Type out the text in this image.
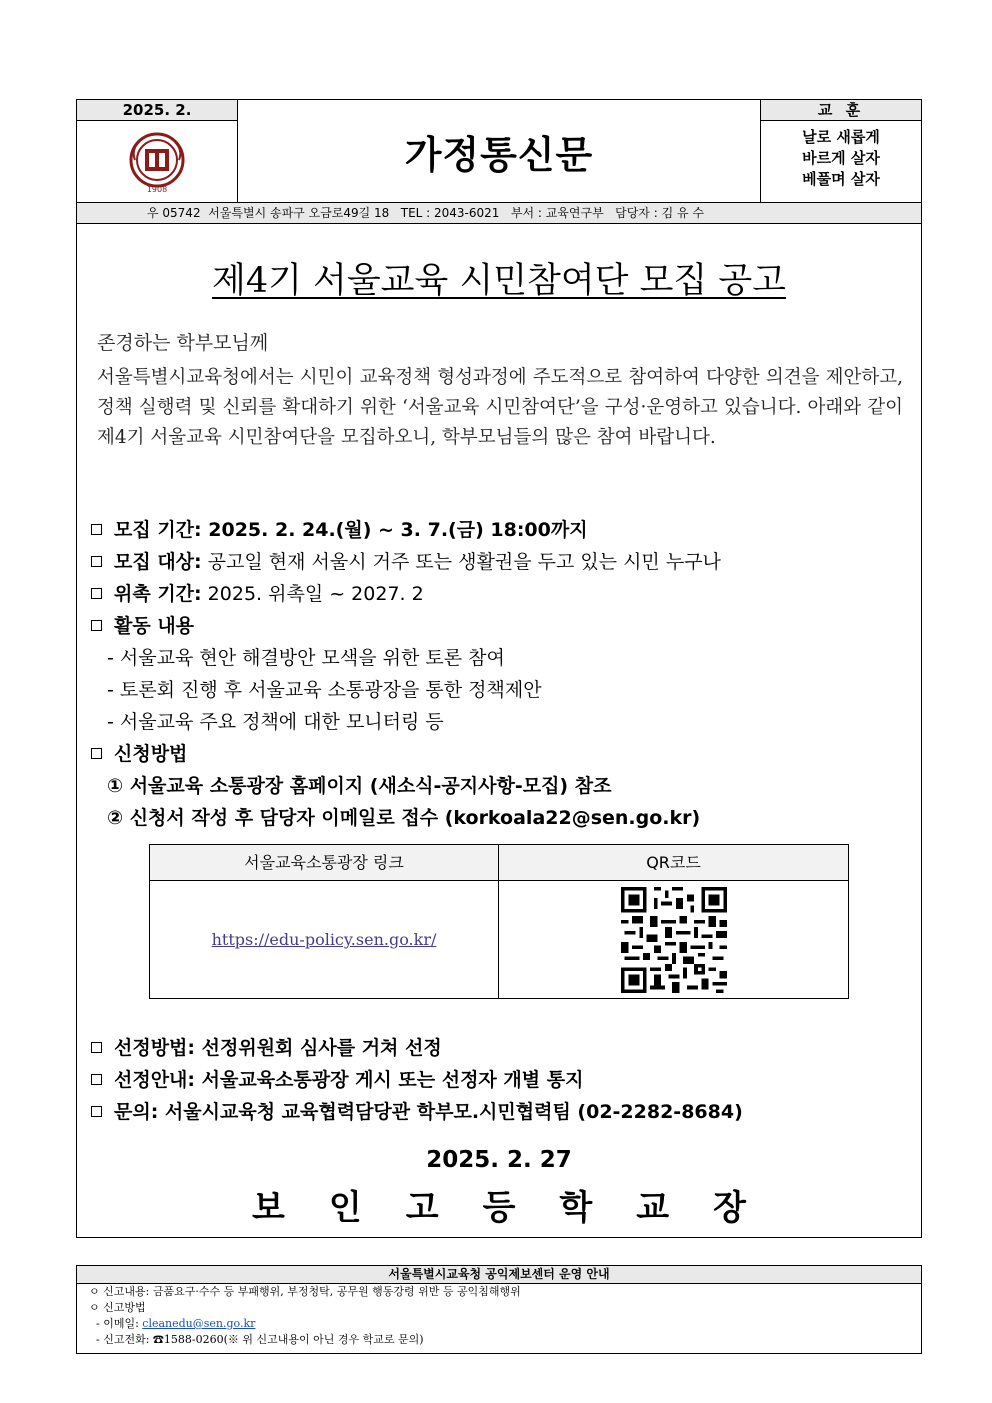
2025. 2.
1908
가정통신문
교 훈
날로 새롭게
바르게 살자
베풀며 살자
우 05742  서울특별시 송파구 오금로49길 18   TEL : 2043-6021   부서 : 교육연구부   담당자 : 김 유 수
제4기 서울교육 시민참여단 모집 공고
존경하는 학부모님께
서울특별시교육청에서는 시민이 교육정책 형성과정에 주도적으로 참여하여 다양한 의견을 제안하고, 정책 실행력 및 신뢰를 확대하기 위한 ‘서울교육 시민참여단’을 구성·운영하고 있습니다. 아래와 같이 제4기 서울교육 시민참여단을 모집하오니, 학부모님들의 많은 참여 바랍니다.
모집 기간: 2025. 2. 24.(월) ~ 3. 7.(금) 18:00까지
모집 대상: 공고일 현재 서울시 거주 또는 생활권을 두고 있는 시민 누구나
위촉 기간: 2025. 위촉일 ~ 2027. 2
활동 내용
- 서울교육 현안 해결방안 모색을 위한 토론 참여
- 토론회 진행 후 서울교육 소통광장을 통한 정책제안
- 서울교육 주요 정책에 대한 모니터링 등
신청방법
① 서울교육 소통광장 홈페이지 (새소식-공지사항-모집) 참조
② 신청서 작성 후 담당자 이메일로 접수 (korkoala22@sen.go.kr)
서울교육소통광장 링크	QR코드
https://edu-policy.sen.go.kr/
선정방법: 선정위원회 심사를 거쳐 선정
선정안내: 서울교육소통광장 게시 또는 선정자 개별 통지
문의: 서울시교육청 교육협력담당관 학부모.시민협력팀 (02-2282-8684)
2025. 2. 27
보인고등학교장
서울특별시교육청 공익제보센터 운영 안내
ㅇ 신고내용: 금품요구·수수 등 부패행위, 부정청탁, 공무원 행동강령 위반 등 공익침해행위
ㅇ 신고방법
- 이메일: cleanedu@sen.go.kr
- 신고전화: ☎1588-0260(※ 위 신고내용이 아닌 경우 학교로 문의)
